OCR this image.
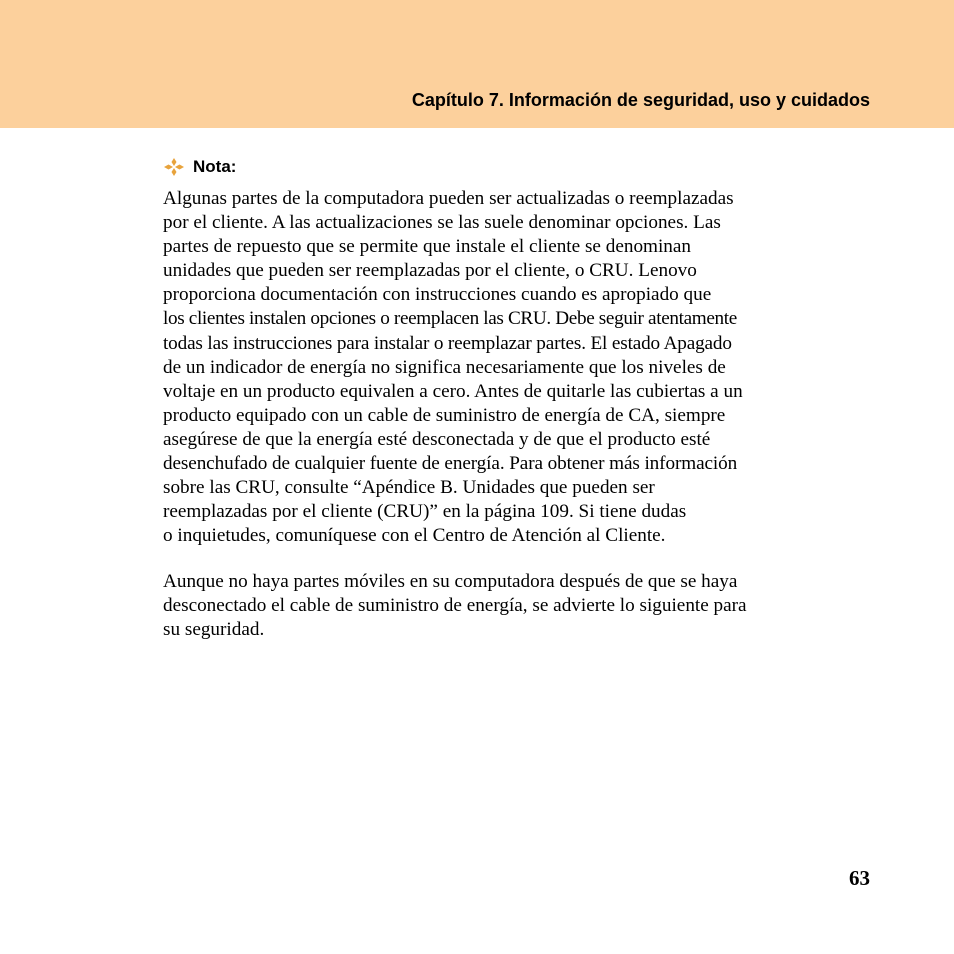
Capítulo 7. Información de seguridad, uso y cuidados
Nota:

Algunas partes de la computadora pueden ser actualizadas o reemplazadas
por el cliente. A las actualizaciones se las suele denominar opciones. Las
partes de repuesto que se permite que instale el cliente se denominan
unidades que pueden ser reemplazadas por el cliente, o CRU. Lenovo
proporciona documentación con instrucciones cuando es apropiado que
los clientes instalen opciones o reemplacen las CRU. Debe seguir atentamente
todas las instrucciones para instalar o reemplazar partes. El estado Apagado
de un indicador de energía no significa necesariamente que los niveles de
voltaje en un producto equivalen a cero. Antes de quitarle las cubiertas a un
producto equipado con un cable de suministro de energía de CA, siempre
asegúrese de que la energía esté desconectada y de que el producto esté
desenchufado de cualquier fuente de energía. Para obtener más información
sobre las CRU, consulte “Apéndice B. Unidades que pueden ser
reemplazadas por el cliente (CRU)” en la página 109. Si tiene dudas
o inquietudes, comuníquese con el Centro de Atención al Cliente.

Aunque no haya partes móviles en su computadora después de que se haya
desconectado el cable de suministro de energía, se advierte lo siguiente para
su seguridad.

63
